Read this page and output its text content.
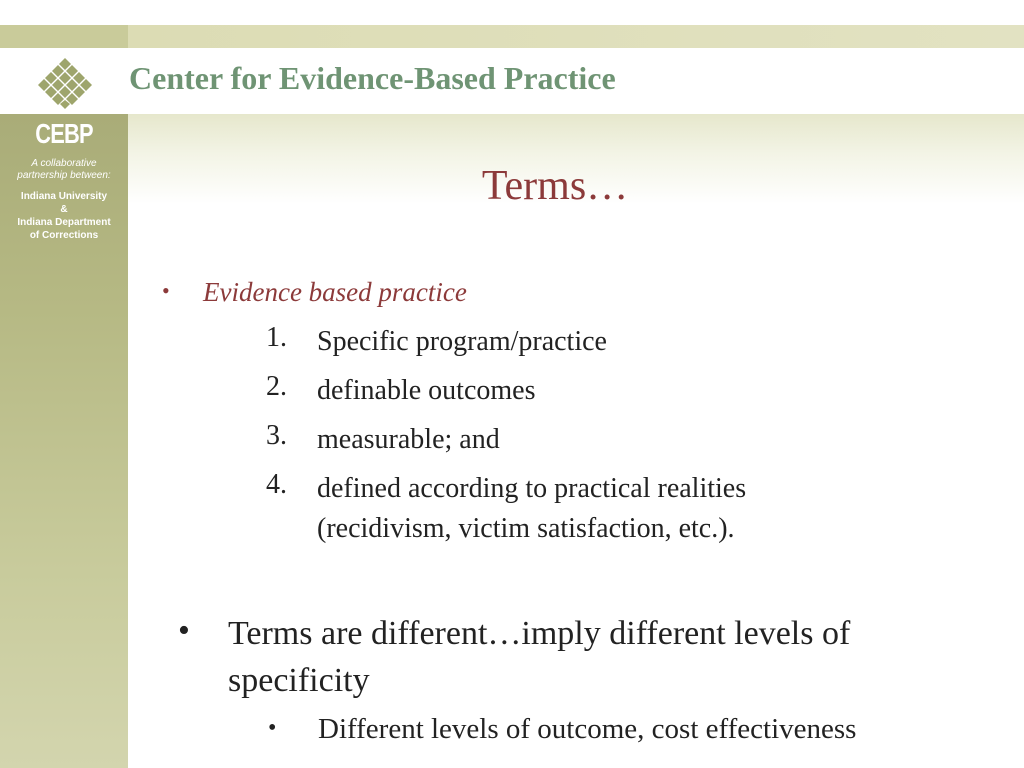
Center for Evidence-Based Practice
CEBP
A collaborative
partnership between:
Indiana University
&
Indiana Department
of Corrections
Terms…
• Evidence based practice
1. Specific program/practice
2. definable outcomes
3. measurable; and
4. defined according to practical realities (recidivism, victim satisfaction, etc.).
• Terms are different…imply different levels of specificity
• Different levels of outcome, cost effectiveness
